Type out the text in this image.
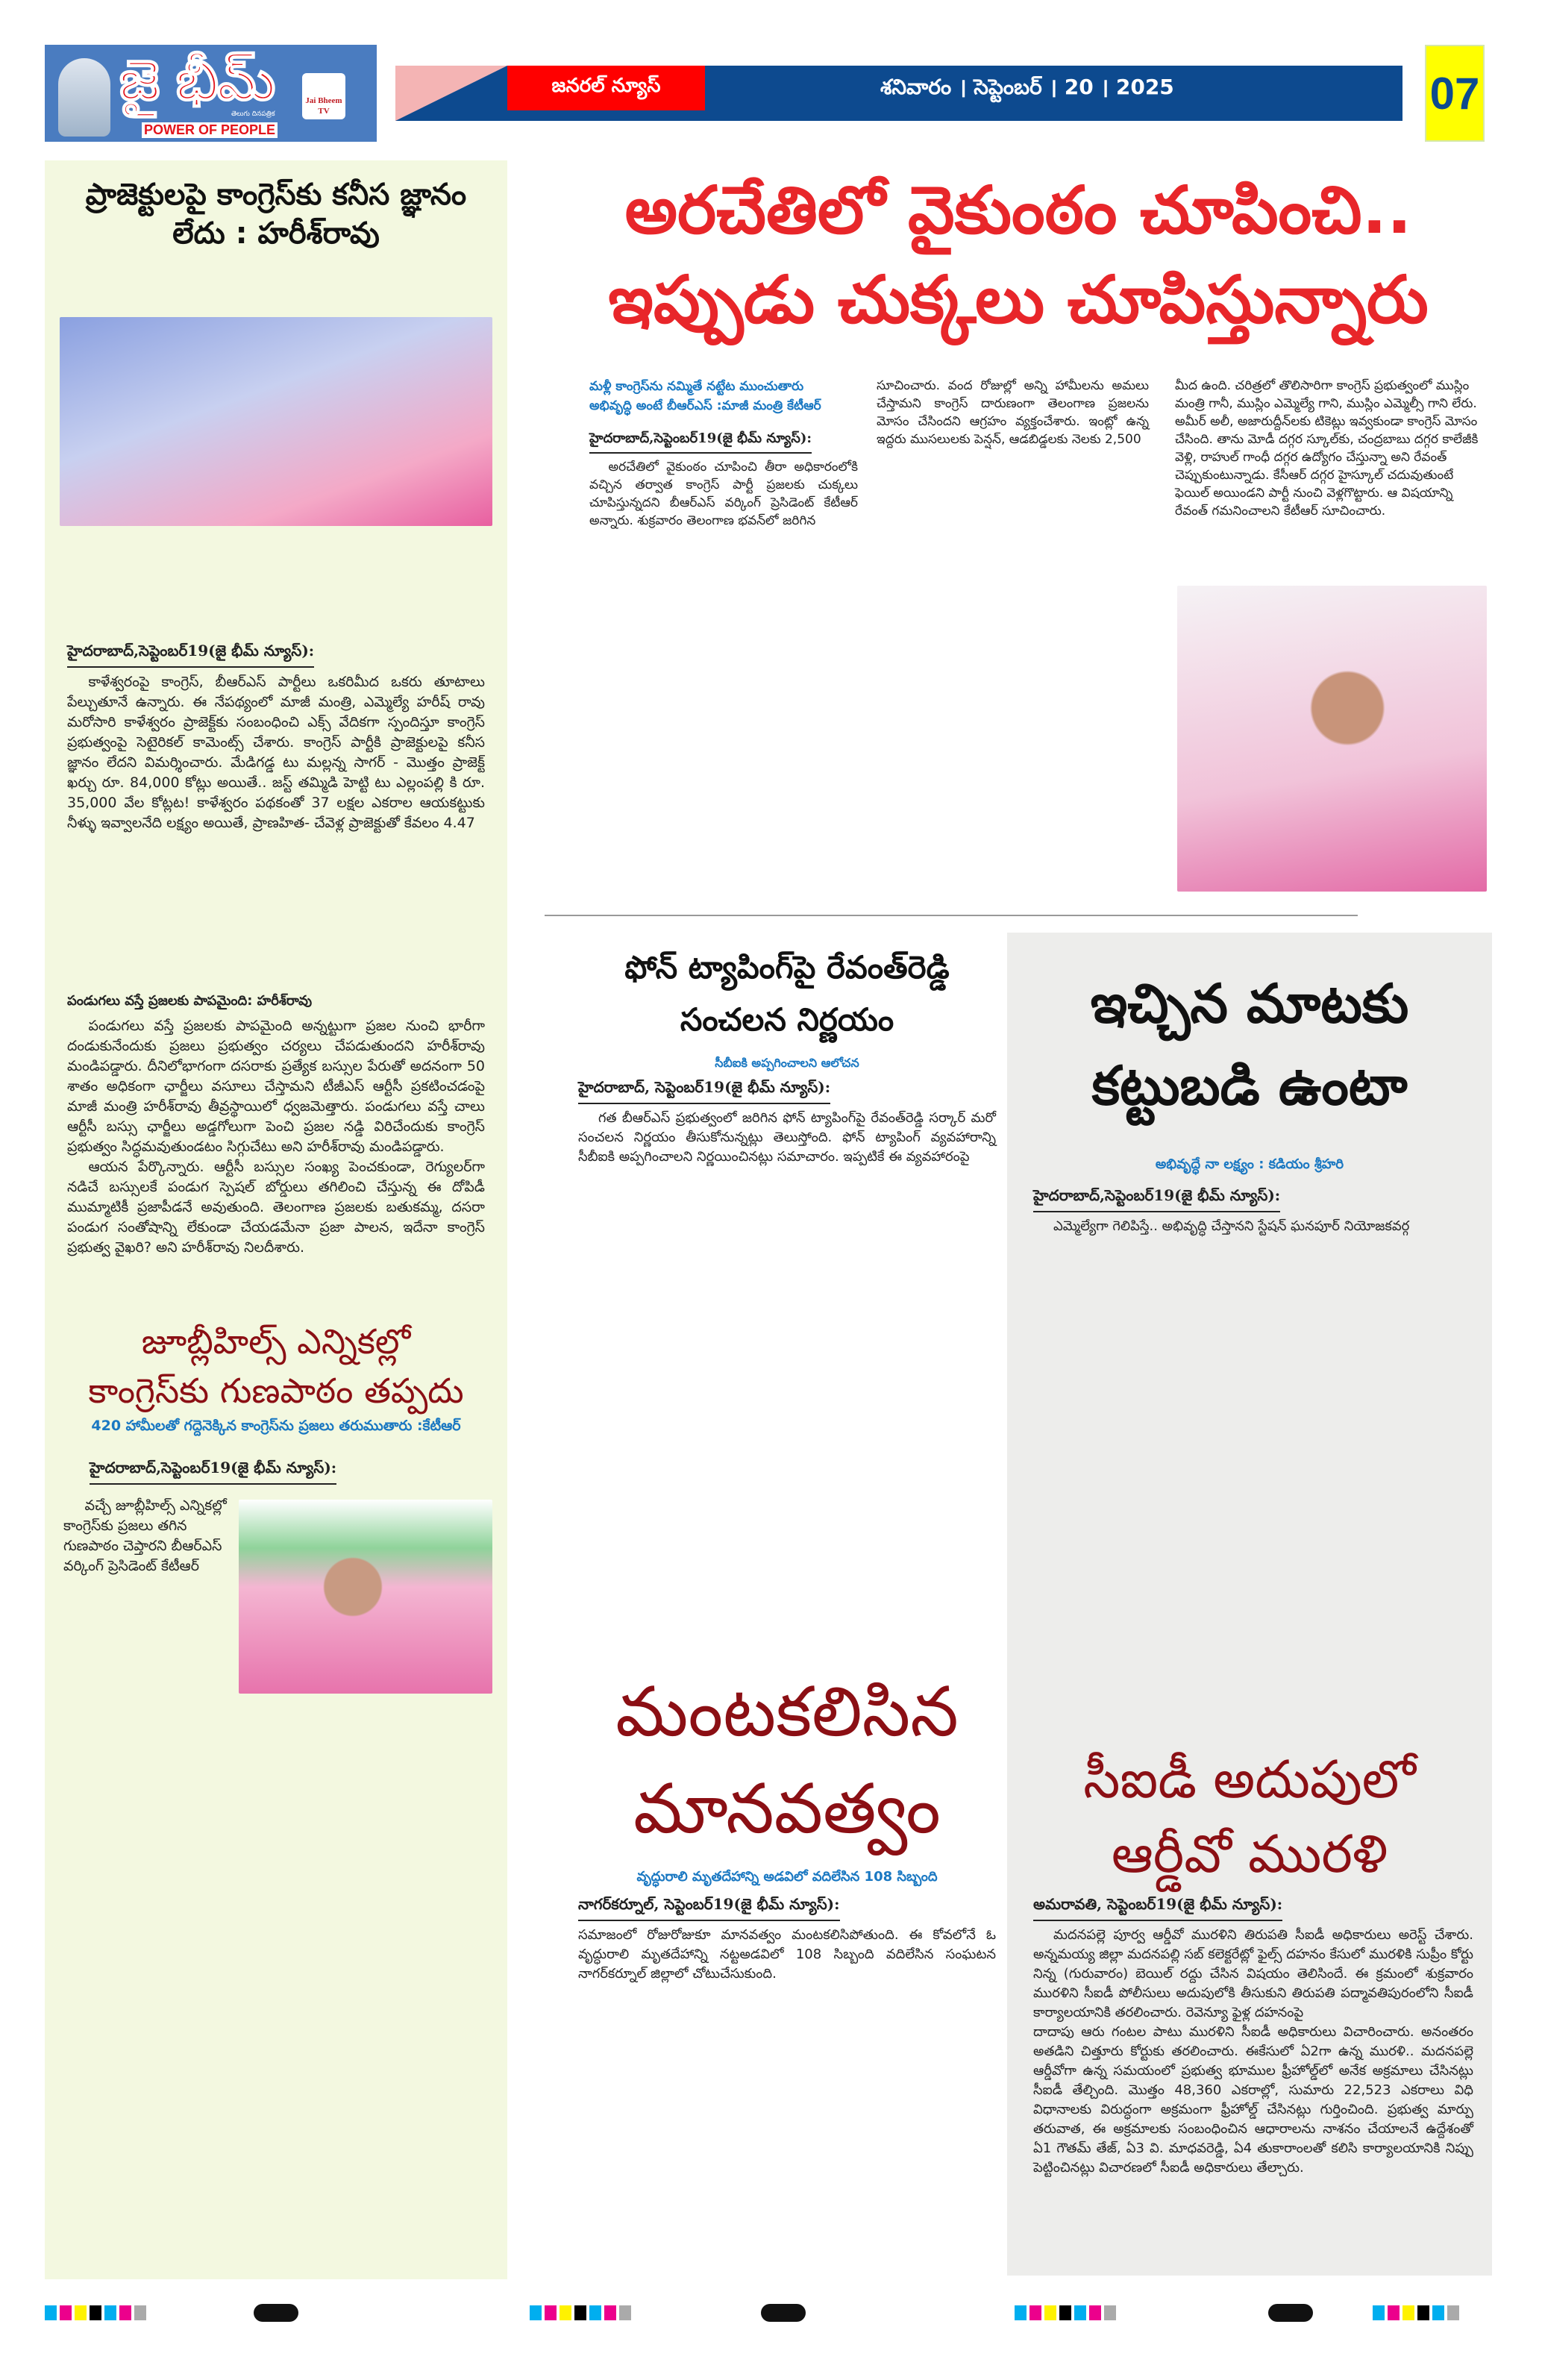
జై భీమ్
తెలుగు దినపత్రిక
POWER OF PEOPLE
Jai Bheem TV
జనరల్ న్యూస్	శనివారం । సెప్టెంబర్ । 20 । 2025	07
ప్రాజెక్టులపై కాంగ్రెస్‌కు కనీస జ్ఞానం లేదు : హరీశ్‌రావు
హైదరాబాద్,సెప్టెంబర్19(జై భీమ్ న్యూస్):

కాళేశ్వరంపై కాంగ్రెస్, బీఆర్ఎస్ పార్టీలు ఒకరిమీద ఒకరు తూటాలు పేల్చుతూనే ఉన్నారు. ఈ నేపథ్యంలో మాజీ మంత్రి, ఎమ్మెల్యే హరీష్ రావు మరోసారి కాళేశ్వరం ప్రాజెక్ట్‌కు సంబంధించి ఎక్స్ వేదికగా స్పందిస్తూ కాంగ్రెస్ ప్రభుత్వంపై సెటైరికల్ కామెంట్స్ చేశారు. కాంగ్రెస్ పార్టీకి ప్రాజెక్టులపై కనీస జ్ఞానం లేదని విమర్శించారు. మేడిగడ్డ టు మల్లన్న సాగర్ - మొత్తం ప్రాజెక్ట్ ఖర్చు రూ. 84,000 కోట్లు అయితే.. జస్ట్ తమ్మిడి హెట్టి టు ఎల్లంపల్లి కి రూ. 35,000 వేల కోట్లట! కాళేశ్వరం పథకంతో 37 లక్షల ఎకరాల ఆయకట్టుకు నీళ్ళు ఇవ్వాలనేది లక్ష్యం అయితే, ప్రాణహిత- చేవెళ్ల ప్రాజెక్టుతో కేవలం 4.47

పండుగలు వస్తే ప్రజలకు పాపమైంది: హరీశ్‌రావు

పండుగలు వస్తే ప్రజలకు పాపమైంది అన్నట్టుగా ప్రజల నుంచి భారీగా దండుకునేందుకు ప్రజలు ప్రభుత్వం చర్యలు చేపడుతుందని హరీశ్‌రావు మండిపడ్డారు. దీనిలోభాగంగా దసరాకు ప్రత్యేక బస్సుల పేరుతో అదనంగా 50 శాతం అధికంగా ఛార్జీలు వసూలు చేస్తామని టీజీఎస్ ఆర్టీసీ ప్రకటించడంపై మాజీ మంత్రి హరీశ్‌రావు తీవ్రస్థాయిలో ధ్వజమెత్తారు. పండుగలు వస్తే చాలు ఆర్టీసీ బస్సు ఛార్జీలు అడ్డగోలుగా పెంచి ప్రజల నడ్డి విరిచేందుకు కాంగ్రెస్ ప్రభుత్వం సిద్ధమవుతుండటం సిగ్గుచేటు అని హరీశ్‌రావు మండిపడ్డారు.

ఆయన పేర్కొన్నారు. ఆర్టీసీ బస్సుల సంఖ్య పెంచకుండా, రెగ్యులర్‌గా నడిచే బస్సులకే పండుగ స్పెషల్ బోర్డులు తగిలించి చేస్తున్న ఈ దోపిడీ ముమ్మాటికీ ప్రజాపీడనే అవుతుంది. తెలంగాణ ప్రజలకు బతుకమ్మ, దసరా పండుగ సంతోషాన్ని లేకుండా చేయడమేనా ప్రజా పాలన, ఇదేనా కాంగ్రెస్ ప్రభుత్వ వైఖరి? అని హరీశ్‌రావు నిలదీశారు.

జూబ్లీహిల్స్ ఎన్నికల్లో
కాంగ్రెస్‌కు గుణపాఠం తప్పదు
420 హామీలతో గద్దెనెక్కిన కాంగ్రెస్‌ను ప్రజలు తరుముతారు :కేటీఆర్
హైదరాబాద్,సెప్టెంబర్19(జై భీమ్ న్యూస్):

వచ్చే జూబ్లీహిల్స్ ఎన్నికల్లో కాంగ్రెస్‌కు ప్రజలు తగిన గుణపాఠం చెప్తారని బీఆర్ఎస్ వర్కింగ్ ప్రెసిడెంట్ కేటీఆర్

అరచేతిలో వైకుంఠం చూపించి..
ఇప్పుడు చుక్కలు చూపిస్తున్నారు
మళ్లీ కాంగ్రెస్‌ను నమ్మితే నట్టేట ముంచుతారు
అభివృద్ధి అంటే బీఆర్ఎస్ :మాజీ మంత్రి కేటీఆర్
హైదరాబాద్,సెప్టెంబర్19(జై భీమ్ న్యూస్):

అరచేతిలో వైకుంఠం చూపించి తీరా అధికారంలోకి వచ్చిన తర్వాత కాంగ్రెస్ పార్టీ ప్రజలకు చుక్కలు చూపిస్తున్నదని బీఆర్ఎస్ వర్కింగ్ ప్రెసిడెంట్ కేటీఆర్ అన్నారు. శుక్రవారం తెలంగాణ భవన్‌లో జరిగిన

సూచించారు. వంద రోజుల్లో అన్ని హామీలను అమలు చేస్తామని కాంగ్రెస్ దారుణంగా తెలంగాణ ప్రజలను మోసం చేసిందని ఆగ్రహం వ్యక్తంచేశారు. ఇంట్లో ఉన్న ఇద్దరు ముసలులకు పెన్షన్, ఆడబిడ్డలకు నెలకు 2,500

మీద ఉంది. చరిత్రలో తొలిసారిగా కాంగ్రెస్ ప్రభుత్వంలో ముస్లిం మంత్రి గానీ, ముస్లిం ఎమ్మెల్యే గాని, ముస్లిం ఎమ్మెల్సీ గాని లేరు. అమీర్ అలీ, అజారుద్దీన్‌లకు టికెట్లు ఇవ్వకుండా కాంగ్రెస్ మోసం చేసింది. తాను మోడీ దగ్గర స్కూల్‌కు, చంద్రబాబు దగ్గర కాలేజీకి వెళ్లి, రాహుల్ గాంధీ దగ్గర ఉద్యోగం చేస్తున్నా అని రేవంత్ చెప్పుకుంటున్నాడు. కేసీఆర్ దగ్గర హైస్కూల్ చదువుతుంటే ఫెయిల్ అయిండని పార్టీ నుంచి వెళ్లగొట్టారు. ఆ విషయాన్ని రేవంత్ గమనించాలని కేటీఆర్ సూచించారు.

ఫోన్ ట్యాపింగ్‌పై రేవంత్‌రెడ్డి
సంచలన నిర్ణయం
సీబీఐకి అప్పగించాలని ఆలోచన
హైదరాబాద్, సెప్టెంబర్19(జై భీమ్ న్యూస్):

గత బీఆర్ఎస్ ప్రభుత్వంలో జరిగిన ఫోన్ ట్యాపింగ్‌పై రేవంత్‌రెడ్డి సర్కార్ మరో సంచలన నిర్ణయం తీసుకోనున్నట్లు తెలుస్తోంది. ఫోన్ ట్యాపింగ్ వ్యవహారాన్ని సీబీఐకి అప్పగించాలని నిర్ణయించినట్లు సమాచారం. ఇప్పటికే ఈ వ్యవహారంపై

మంటకలిసిన
మానవత్వం
వృద్ధురాలి మృతదేహాన్ని అడవిలో వదిలేసిన 108 సిబ్బంది
నాగర్‌కర్నూల్, సెప్టెంబర్19(జై భీమ్ న్యూస్):

సమాజంలో రోజురోజుకూ మానవత్వం మంటకలిసిపోతుంది. ఈ కోవలోనే ఓ వృద్ధురాలి మృతదేహాన్ని నట్టఅడవిలో 108 సిబ్బంది వదిలేసిన సంఘటన నాగర్‌కర్నూల్ జిల్లాలో చోటుచేసుకుంది.

ఇచ్చిన మాటకు
కట్టుబడి ఉంటా
అభివృద్ధే నా లక్ష్యం : కడియం శ్రీహరి
హైదరాబాద్,సెప్టెంబర్19(జై భీమ్ న్యూస్):

ఎమ్మెల్యేగా గెలిపిస్తే.. అభివృద్ధి చేస్తానని స్టేషన్ ఘనపూర్ నియోజకవర్గ

సీఐడీ అదుపులో
ఆర్డీవో మురళి
అమరావతి, సెప్టెంబర్19(జై భీమ్ న్యూస్):

మదనపల్లె పూర్వ ఆర్డీవో మురళిని తిరుపతి సీఐడీ అధికారులు అరెస్ట్ చేశారు. అన్నమయ్య జిల్లా మదనపల్లి సబ్ కలెక్టరేట్లో ఫైల్స్ దహనం కేసులో మురళికి సుప్రీం కోర్టు నిన్న (గురువారం) బెయిల్ రద్దు చేసిన విషయం తెలిసిందే. ఈ క్రమంలో శుక్రవారం మురళిని సీఐడీ పోలీసులు అదుపులోకి తీసుకుని తిరుపతి పద్మావతిపురంలోని సీఐడీ కార్యాలయానికి తరలించారు. రెవెన్యూ ఫైళ్ల దహనంపై

దాదాపు ఆరు గంటల పాటు మురళిని సీఐడీ అధికారులు విచారించారు. అనంతరం అతడిని చిత్తూరు కోర్టుకు తరలించారు. ఈకేసులో ఏ2గా ఉన్న మురళి.. మదనపల్లె ఆర్డీవోగా ఉన్న సమయంలో ప్రభుత్వ భూముల ఫ్రీహోల్డ్‌లో అనేక అక్రమాలు చేసినట్లు సీఐడీ తేల్చింది. మొత్తం 48,360 ఎకరాల్లో, సుమారు 22,523 ఎకరాలు విధి విధానాలకు విరుద్ధంగా అక్రమంగా ఫ్రీహోల్డ్ చేసినట్లు గుర్తించింది. ప్రభుత్వ మార్పు తరువాత, ఈ అక్రమాలకు సంబంధించిన ఆధారాలను నాశనం చేయాలనే ఉద్దేశంతో ఏ1 గౌతమ్ తేజ్, ఏ3 వి. మాధవరెడ్డి, ఏ4 తుకారాంలతో కలిసి కార్యాలయానికి నిప్పు పెట్టించినట్లు విచారణలో సీఐడీ అధికారులు తేల్చారు.
